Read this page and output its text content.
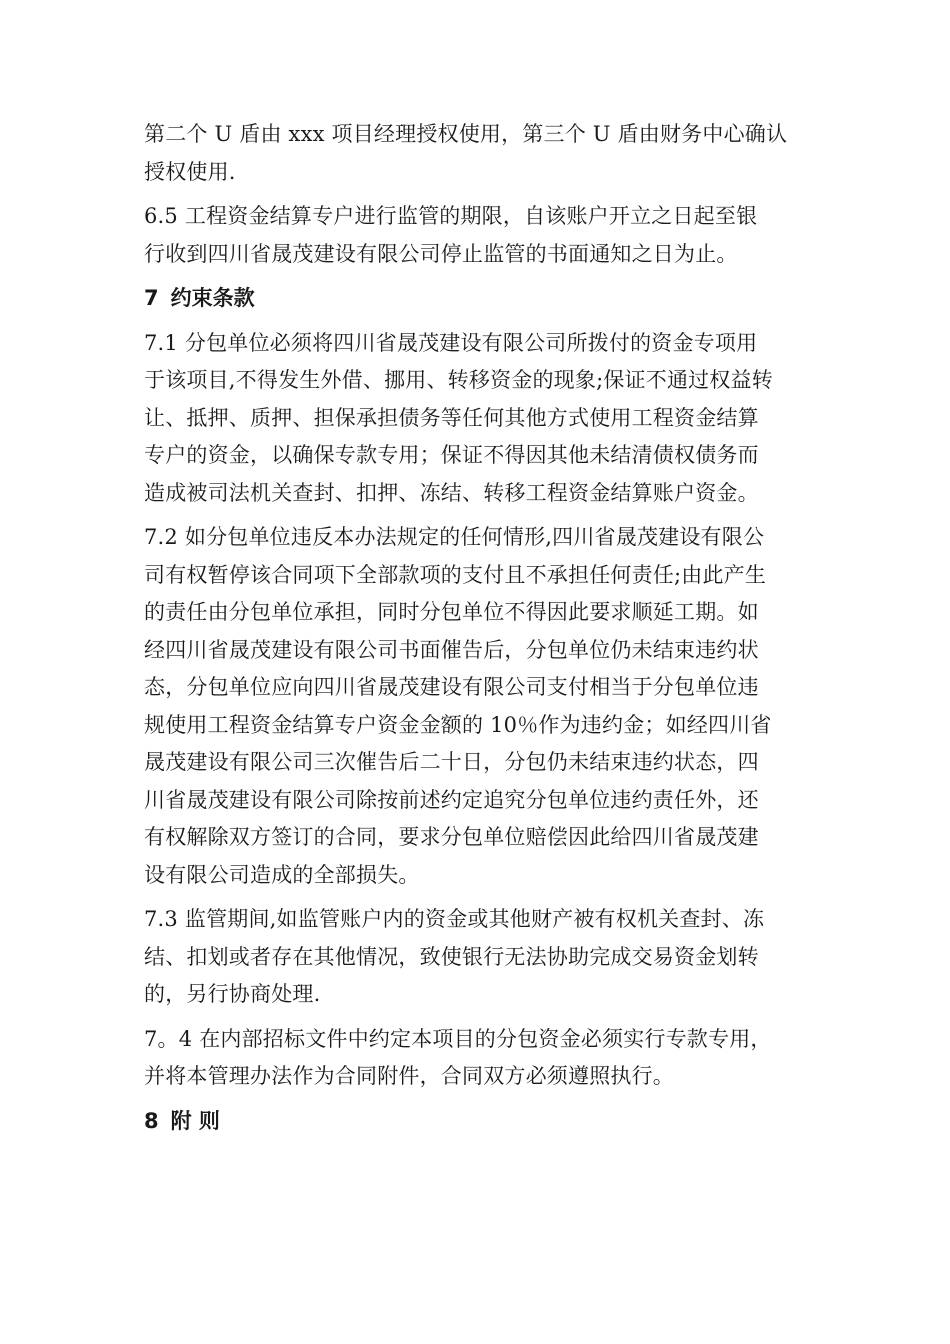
第二个 U 盾由 xxx 项目经理授权使用，第三个 U 盾由财务中心确认
授权使用.
6.5 工程资金结算专户进行监管的期限，自该账户开立之日起至银
行收到四川省晟茂建设有限公司停止监管的书面通知之日为止。
7 约束条款
7.1 分包单位必须将四川省晟茂建设有限公司所拨付的资金专项用
于该项目,不得发生外借、挪用、转移资金的现象;保证不通过权益转
让、抵押、质押、担保承担债务等任何其他方式使用工程资金结算
专户的资金，以确保专款专用；保证不得因其他未结清债权债务而
造成被司法机关查封、扣押、冻结、转移工程资金结算账户资金。
7.2 如分包单位违反本办法规定的任何情形,四川省晟茂建设有限公
司有权暂停该合同项下全部款项的支付且不承担任何责任;由此产生
的责任由分包单位承担，同时分包单位不得因此要求顺延工期。如
经四川省晟茂建设有限公司书面催告后，分包单位仍未结束违约状
态，分包单位应向四川省晟茂建设有限公司支付相当于分包单位违
规使用工程资金结算专户资金金额的 10％作为违约金；如经四川省
晟茂建设有限公司三次催告后二十日，分包仍未结束违约状态，四
川省晟茂建设有限公司除按前述约定追究分包单位违约责任外，还
有权解除双方签订的合同，要求分包单位赔偿因此给四川省晟茂建
设有限公司造成的全部损失。
7.3 监管期间,如监管账户内的资金或其他财产被有权机关查封、冻
结、扣划或者存在其他情况，致使银行无法协助完成交易资金划转
的，另行协商处理.
7。4 在内部招标文件中约定本项目的分包资金必须实行专款专用，
并将本管理办法作为合同附件，合同双方必须遵照执行。
8 附 则
